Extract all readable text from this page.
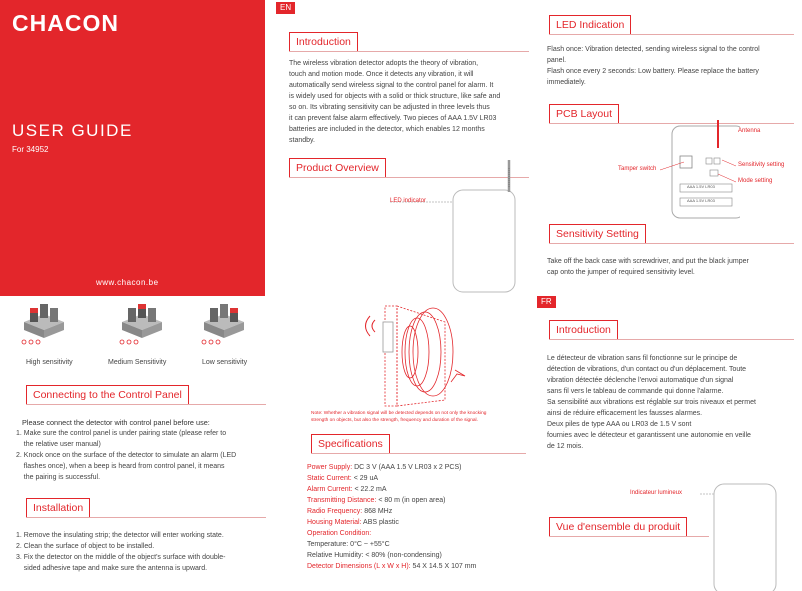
CHACON
USER GUIDE
For 34952
www.chacon.be
High sensitivity	Medium Sensitivity	Low sensitivity
Connecting to the Control Panel
Please connect the detector with control panel before use:
1. Make sure the control panel is under pairing state (please refer to
the relative user manual)
2. Knock once on the surface of the detector to simulate an alarm (LED
flashes once), when a beep is heard from control panel, it means
the pairing is successful.
Installation
1. Remove the insulating strip; the detector will enter working state.
2. Clean the surface of object to be installed.
3. Fix the detector on the middle of the object's surface with double-
sided adhesive tape and make sure the antenna is upward.
EN
Introduction
The wireless vibration detector adopts the theory of vibration,
touch and motion mode. Once it detects any vibration, it will
automatically send wireless signal to the control panel for alarm. It
is widely used for objects with a solid or thick structure, like safe and
so on. Its vibrating sensitivity can be adjusted in three levels thus
it can prevent false alarm effectively. Two pieces of AAA 1.5V LR03
batteries are included in the detector, which enables 12 months
standby.
Product Overview
LED indicator
Note: Whether a vibration signal will be detected depends on not only the knocking
strength on objects, but also the strength, frequency and duration of the signal.
Specifications
Power Supply: DC 3 V (AAA 1.5 V LR03 x 2 PCS)
Static Current: < 29 uA
Alarm Current: < 22.2 mA
Transmitting Distance: < 80 m (in open area)
Radio Frequency: 868 MHz
Housing Material: ABS plastic
Operation Condition:
Temperature: 0°C ~ +55°C
Relative Humidity: < 80% (non-condensing)
Detector Dimensions (L x W x H): 54 X 14.5 X 107 mm
LED Indication
Flash once: Vibration detected, sending wireless signal to the control
panel.
Flash once every 2 seconds: Low battery. Please replace the battery
immediately.
PCB Layout
AAA 1.5V LR03
AAA 1.5V LR03
Antenna
Tamper switch
Sensitivity setting
Mode setting
Sensitivity Setting
Take off the back case with screwdriver, and put the black jumper
cap onto the jumper of required sensitivity level.
FR
Introduction
Le détecteur de vibration sans fil fonctionne sur le principe de
détection de vibrations, d'un contact ou d'un déplacement. Toute
vibration détectée déclenche l'envoi automatique d'un signal
sans fil vers le tableau de commande qui donne l'alarme.
Sa sensibilité aux vibrations est réglable sur trois niveaux et permet
ainsi de réduire efficacement les fausses alarmes.
Deux piles de type AAA ou LR03 de 1.5 V sont
fournies avec le détecteur et garantissent une autonomie en veille
de 12 mois.
Indicateur lumineux
Vue d'ensemble du produit
